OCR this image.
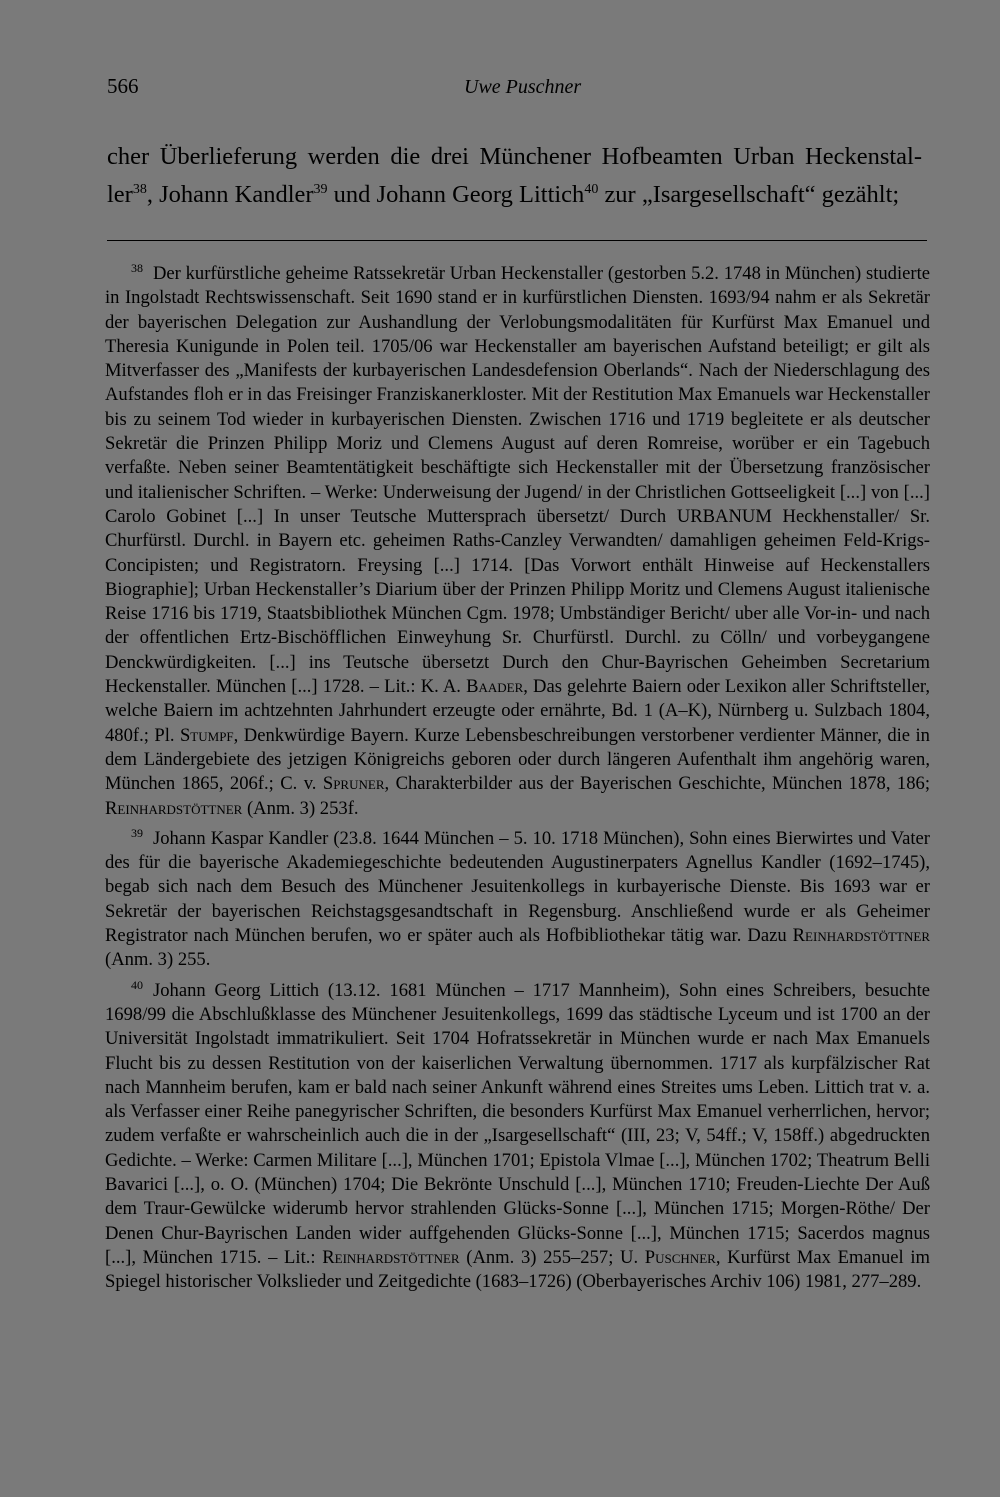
566	Uwe Puschner
cher Überlieferung werden die drei Münchener Hofbeamten Urban Heckenstal-
ler$^{38}$, Johann Kandler$^{39}$ und Johann Georg Littich$^{40}$ zur „Isargesellschaft“ gezählt;

38 Der kurfürstliche geheime Ratssekretär Urban Heckenstaller (gestorben 5.2. 1748 in München) studierte in Ingolstadt Rechtswissenschaft. Seit 1690 stand er in kurfürstlichen Diensten. 1693/94 nahm er als Sekretär der bayerischen Delegation zur Aushandlung der Verlobungsmodalitäten für Kurfürst Max Emanuel und Theresia Kunigunde in Polen teil. 1705/06 war Heckenstaller am bayerischen Aufstand beteiligt; er gilt als Mitverfasser des „Manifests der kurbayerischen Landesdefension Oberlands“. Nach der Niederschlagung des Aufstandes floh er in das Freisinger Franziskanerkloster. Mit der Restitution Max Emanuels war Heckenstaller bis zu seinem Tod wieder in kurbayerischen Diensten. Zwischen 1716 und 1719 begleitete er als deutscher Sekretär die Prinzen Philipp Moriz und Clemens August auf deren Romreise, worüber er ein Tagebuch verfaßte. Neben seiner Beamtentätigkeit beschäftigte sich Heckenstaller mit der Übersetzung französischer und italienischer Schriften. – Werke: Underweisung der Jugend/ in der Christlichen Gottseeligkeit [...] von [...] Carolo Gobinet [...] In unser Teutsche Muttersprach übersetzt/ Durch URBANUM Heckhenstaller/ Sr. Churfürstl. Durchl. in Bayern etc. geheimen Raths-Canzley Verwandten/ damahligen geheimen Feld-Krigs-Concipisten; und Registratorn. Freysing [...] 1714. [Das Vorwort enthält Hinweise auf Heckenstallers Biographie]; Urban Heckenstaller’s Diarium über der Prinzen Philipp Moritz und Clemens August italienische Reise 1716 bis 1719, Staatsbibliothek München Cgm. 1978; Umbständiger Bericht/ uber alle Vor-in- und nach der offentlichen Ertz-Bischöfflichen Einweyhung Sr. Churfürstl. Durchl. zu Cölln/ und vorbeygangene Denckwürdigkeiten. [...] ins Teutsche übersetzt Durch den Chur-Bayrischen Geheimben Secretarium Heckenstaller. München [...] 1728. – Lit.: K. A. Baader, Das gelehrte Baiern oder Lexikon aller Schriftsteller, welche Baiern im achtzehnten Jahrhundert erzeugte oder ernährte, Bd. 1 (A–K), Nürnberg u. Sulzbach 1804, 480f.; Pl. Stumpf, Denkwürdige Bayern. Kurze Lebensbeschreibungen verstorbener verdienter Männer, die in dem Ländergebiete des jetzigen Königreichs geboren oder durch längeren Aufenthalt ihm angehörig waren, München 1865, 206f.; C. v. Spruner, Charakterbilder aus der Bayerischen Geschichte, München 1878, 186; Reinhardstöttner (Anm. 3) 253f.

39 Johann Kaspar Kandler (23.8. 1644 München – 5. 10. 1718 München), Sohn eines Bierwirtes und Vater des für die bayerische Akademiegeschichte bedeutenden Augustinerpaters Agnellus Kandler (1692–1745), begab sich nach dem Besuch des Münchener Jesuitenkollegs in kurbayerische Dienste. Bis 1693 war er Sekretär der bayerischen Reichstagsgesandtschaft in Regensburg. Anschließend wurde er als Geheimer Registrator nach München berufen, wo er später auch als Hofbibliothekar tätig war. Dazu Reinhardstöttner (Anm. 3) 255.

40 Johann Georg Littich (13.12. 1681 München – 1717 Mannheim), Sohn eines Schreibers, besuchte 1698/99 die Abschlußklasse des Münchener Jesuitenkollegs, 1699 das städtische Lyceum und ist 1700 an der Universität Ingolstadt immatrikuliert. Seit 1704 Hofratssekretär in München wurde er nach Max Emanuels Flucht bis zu dessen Restitution von der kaiserlichen Verwaltung übernommen. 1717 als kurpfälzischer Rat nach Mannheim berufen, kam er bald nach seiner Ankunft während eines Streites ums Leben. Littich trat v. a. als Verfasser einer Reihe panegyrischer Schriften, die besonders Kurfürst Max Emanuel verherrlichen, hervor; zudem verfaßte er wahrscheinlich auch die in der „Isargesellschaft“ (III, 23; V, 54ff.; V, 158ff.) abgedruckten Gedichte. – Werke: Carmen Militare [...], München 1701; Epistola Vlmae [...], München 1702; Theatrum Belli Bavarici [...], o. O. (München) 1704; Die Bekrönte Unschuld [...], München 1710; Freuden-Liechte Der Auß dem Traur-Gewülcke widerumb hervor strahlenden Glücks-Sonne [...], München 1715; Morgen-Röthe/ Der Denen Chur-Bayrischen Landen wider auffgehenden Glücks-Sonne [...], München 1715; Sacerdos magnus [...], München 1715. – Lit.: Reinhardstöttner (Anm. 3) 255–257; U. Puschner, Kurfürst Max Emanuel im Spiegel historischer Volkslieder und Zeitgedichte (1683–1726) (Oberbayerisches Archiv 106) 1981, 277–289.
